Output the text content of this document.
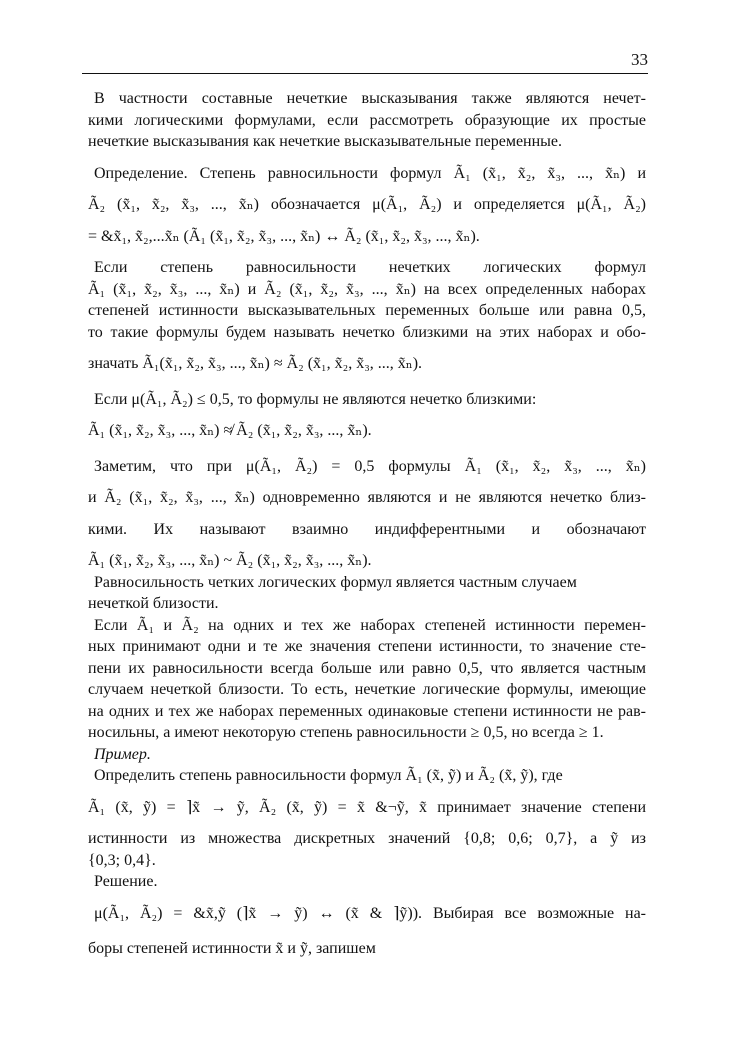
33
В частности составные нечеткие высказывания также являются нечет-
кими логическими формулами, если рассмотреть образующие их простые
нечеткие высказывания как нечеткие высказывательные переменные.
Определение. Степень равносильности формул Ã₁ (x̃₁, x̃₂, x̃₃, ..., x̃ₙ) и
Ã₂ (x̃₁, x̃₂, x̃₃, ..., x̃ₙ) обозначается μ(Ã₁, Ã₂) и определяется μ(Ã₁, Ã₂)
= &x̃₁, x̃₂,...x̃ₙ (Ã₁ (x̃₁, x̃₂, x̃₃, ..., x̃ₙ) ↔ Ã₂ (x̃₁, x̃₂, x̃₃, ..., x̃ₙ).
Если степень равносильности нечетких логических формул
Ã₁ (x̃₁, x̃₂, x̃₃, ..., x̃ₙ) и Ã₂ (x̃₁, x̃₂, x̃₃, ..., x̃ₙ) на всех определенных наборах
степеней истинности высказывательных переменных больше или равна 0,5,
то такие формулы будем называть нечетко близкими на этих наборах и обо-
значать Ã₁(x̃₁, x̃₂, x̃₃, ..., x̃ₙ) ≈ Ã₂ (x̃₁, x̃₂, x̃₃, ..., x̃ₙ).
Если μ(Ã₁, Ã₂) ≤ 0,5, то формулы не являются нечетко близкими:
Ã₁ (x̃₁, x̃₂, x̃₃, ..., x̃ₙ) ≉ Ã₂ (x̃₁, x̃₂, x̃₃, ..., x̃ₙ).
Заметим, что при μ(Ã₁, Ã₂) = 0,5 формулы Ã₁ (x̃₁, x̃₂, x̃₃, ..., x̃ₙ)
и Ã₂ (x̃₁, x̃₂, x̃₃, ..., x̃ₙ) одновременно являются и не являются нечетко близ-
кими. Их называют взаимно индифферентными и обозначают
Ã₁ (x̃₁, x̃₂, x̃₃, ..., x̃ₙ) ~ Ã₂ (x̃₁, x̃₂, x̃₃, ..., x̃ₙ).
Равносильность четких логических формул является частным случаем
нечеткой близости.
Если Ã₁ и Ã₂ на одних и тех же наборах степеней истинности перемен-
ных принимают одни и те же значения степени истинности, то значение сте-
пени их равносильности всегда больше или равно 0,5, что является частным
случаем нечеткой близости. То есть, нечеткие логические формулы, имеющие
на одних и тех же наборах переменных одинаковые степени истинности не рав-
носильны, а имеют некоторую степень равносильности ≥ 0,5, но всегда ≥ 1.
Пример.
Определить степень равносильности формул Ã₁ (x̃, ỹ) и Ã₂ (x̃, ỹ), где
Ã₁ (x̃, ỹ) = ⌉x̃ → ỹ, Ã₂ (x̃, ỹ) = x̃ &¬ỹ, x̃ принимает значение степени
истинности из множества дискретных значений {0,8; 0,6; 0,7}, а ỹ из
{0,3; 0,4}.
Решение.
μ(Ã₁, Ã₂) = &x̃,ỹ (⌉x̃ → ỹ) ↔ (x̃ & ⌉ỹ)). Выбирая все возможные на-
боры степеней истинности x̃ и ỹ, запишем
